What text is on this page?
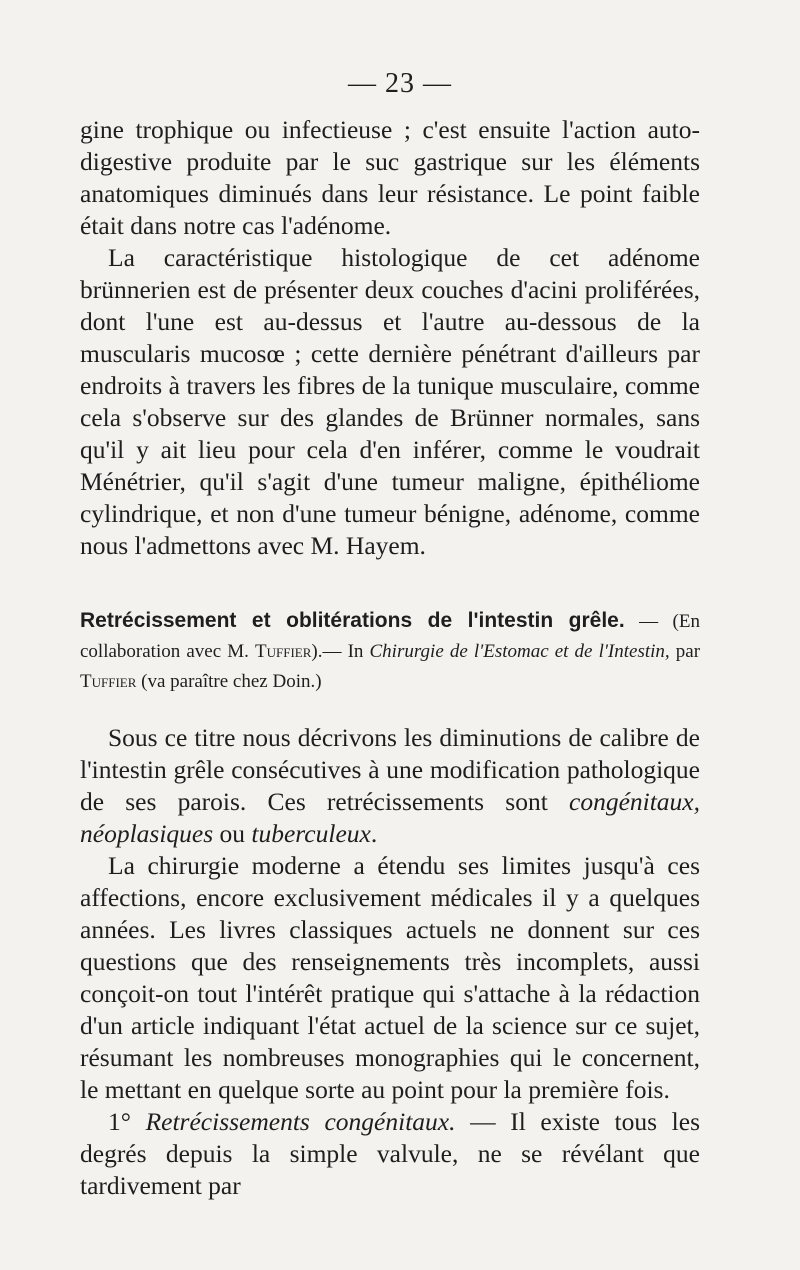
— 23 —

gine trophique ou infectieuse ; c'est ensuite l'action auto-digestive produite par le suc gastrique sur les éléments anatomiques diminués dans leur résistance. Le point faible était dans notre cas l'adénome.

La caractéristique histologique de cet adénome brünnerien est de présenter deux couches d'acini proliférées, dont l'une est au-dessus et l'autre au-dessous de la muscularis mucosœ ; cette dernière pénétrant d'ailleurs par endroits à travers les fibres de la tunique musculaire, comme cela s'observe sur des glandes de Brünner normales, sans qu'il y ait lieu pour cela d'en inférer, comme le voudrait Ménétrier, qu'il s'agit d'une tumeur maligne, épithéliome cylindrique, et non d'une tumeur bénigne, adénome, comme nous l'admettons avec M. Hayem.

Retrécissement et oblitérations de l'intestin grêle. — (En collaboration avec M. Tuffier).— In Chirurgie de l'Estomac et de l'Intestin, par Tuffier (va paraître chez Doin.)

Sous ce titre nous décrivons les diminutions de calibre de l'intestin grêle consécutives à une modification pathologique de ses parois. Ces retrécissements sont congénitaux, néoplasiques ou tuberculeux.

La chirurgie moderne a étendu ses limites jusqu'à ces affections, encore exclusivement médicales il y a quelques années. Les livres classiques actuels ne donnent sur ces questions que des renseignements très incomplets, aussi conçoit-on tout l'intérêt pratique qui s'attache à la rédaction d'un article indiquant l'état actuel de la science sur ce sujet, résumant les nombreuses monographies qui le concernent, le mettant en quelque sorte au point pour la première fois.

1° Retrécissements congénitaux. — Il existe tous les degrés depuis la simple valvule, ne se révélant que tardivement par
